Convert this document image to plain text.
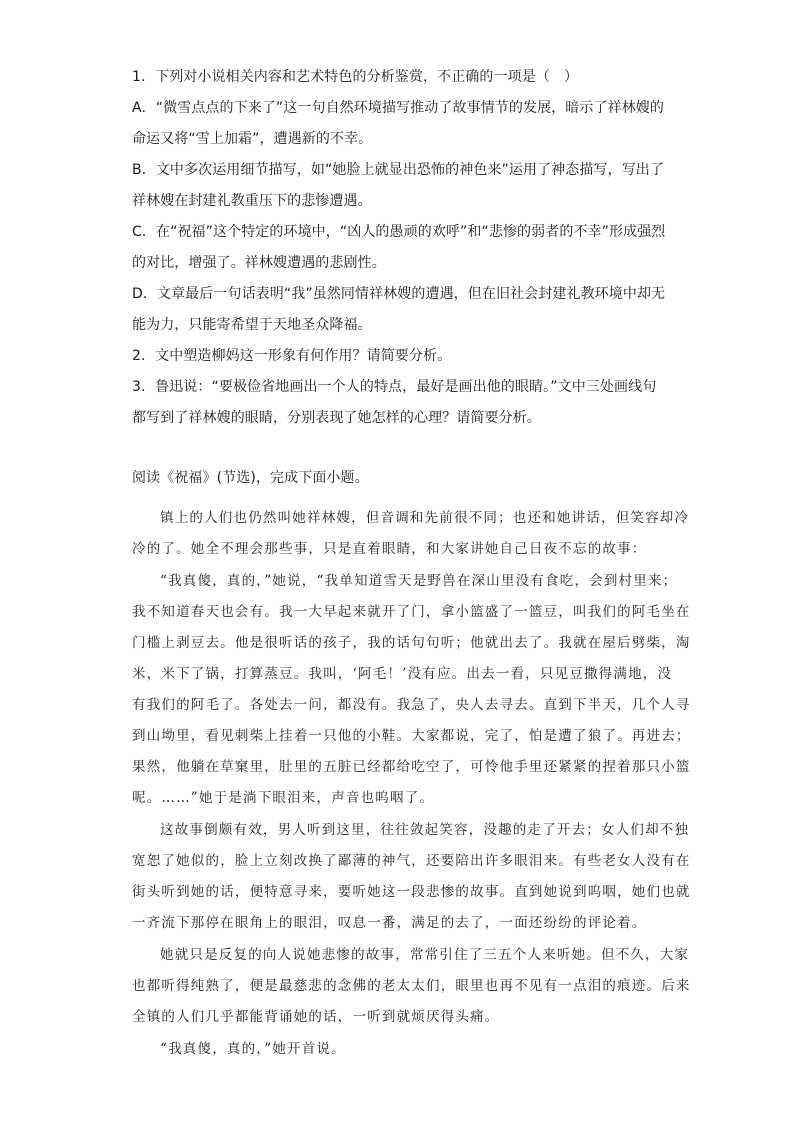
1．下列对小说相关内容和艺术特色的分析鉴赏，不正确的一项是（　）
A．“微雪点点的下来了”这一句自然环境描写推动了故事情节的发展，暗示了祥林嫂的
命运又将“雪上加霜”，遭遇新的不幸。
B．文中多次运用细节描写，如“她脸上就显出恐怖的神色来”运用了神态描写，写出了
祥林嫂在封建礼教重压下的悲惨遭遇。
C．在“祝福”这个特定的环境中，“凶人的愚顽的欢呼”和“悲惨的弱者的不幸”形成强烈
的对比，增强了。祥林嫂遭遇的悲剧性。
D．文章最后一句话表明“我”虽然同情祥林嫂的遭遇，但在旧社会封建礼教环境中却无
能为力，只能寄希望于天地圣众降福。
2．文中塑造柳妈这一形象有何作用？请简要分析。
3．鲁迅说：“要极俭省地画出一个人的特点，最好是画出他的眼睛。”文中三处画线句
都写到了祥林嫂的眼睛，分别表现了她怎样的心理？请简要分析。
阅读《祝福》(节选)，完成下面小题。
镇上的人们也仍然叫她祥林嫂，但音调和先前很不同；也还和她讲话，但笑容却冷
冷的了。她全不理会那些事，只是直着眼睛，和大家讲她自己日夜不忘的故事：
“我真傻，真的，”她说，“我单知道雪天是野兽在深山里没有食吃，会到村里来；
我不知道春天也会有。我一大早起来就开了门，拿小篮盛了一篮豆，叫我们的阿毛坐在
门槛上剥豆去。他是很听话的孩子，我的话句句听；他就出去了。我就在屋后劈柴，淘
米，米下了锅，打算蒸豆。我叫，‘阿毛！’没有应。出去一看，只见豆撒得满地，没
有我们的阿毛了。各处去一问，都没有。我急了，央人去寻去。直到下半天，几个人寻
到山坳里，看见刺柴上挂着一只他的小鞋。大家都说，完了，怕是遭了狼了。再进去；
果然，他躺在草窠里，肚里的五脏已经都给吃空了，可怜他手里还紧紧的捏着那只小篮
呢。……”她于是淌下眼泪来，声音也呜咽了。
这故事倒颇有效，男人听到这里，往往敛起笑容，没趣的走了开去；女人们却不独
宽恕了她似的，脸上立刻改换了鄙薄的神气，还要陪出许多眼泪来。有些老女人没有在
街头听到她的话，便特意寻来，要听她这一段悲惨的故事。直到她说到呜咽，她们也就
一齐流下那停在眼角上的眼泪，叹息一番，满足的去了，一面还纷纷的评论着。
她就只是反复的向人说她悲惨的故事，常常引住了三五个人来听她。但不久，大家
也都听得纯熟了，便是最慈悲的念佛的老太太们，眼里也再不见有一点泪的痕迹。后来
全镇的人们几乎都能背诵她的话，一听到就烦厌得头痛。
“我真傻，真的，”她开首说。
